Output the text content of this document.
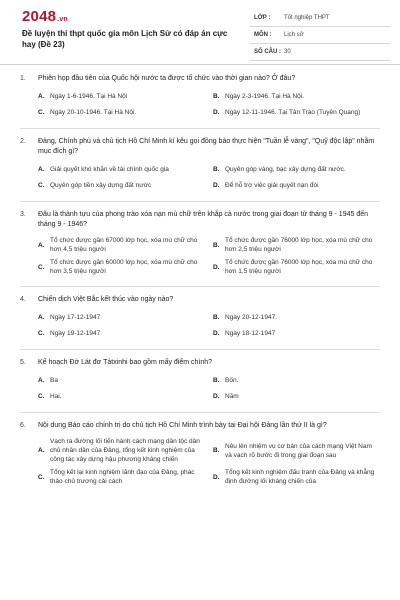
2048.vn
Đề luyện thi thpt quốc gia môn Lịch Sử có đáp án cực hay (Đề 23)
LỚP : Tốt nghiệp THPT
MÔN : Lịch sử
SỐ CÂU : 30
1. Phiên họp đầu tiên của Quốc hội nước ta được tổ chức vào thời gian nào? Ở đâu?
A. Ngày 1-6-1946. Tại Hà Nội	B. Ngày 2-3-1946. Tại Hà Nội.
C. Ngày 20-10-1946. Tại Hà Nội.	D. Ngày 12-11-1946. Tại Tân Trào (Tuyên Quang)
2. Đảng, Chính phủ và chủ tịch Hồ Chí Minh kí kêu gọi đồng bào thực hiện "Tuần lễ vàng", "Quỹ độc lập" nhằm mục đích gì?
A. Giải quyết khó khăn về tài chính quốc gia	B. Quyên góp vàng, bạc xây dựng đất nước.
C. Quyên góp tiền xây dựng đất nước	D. Để hỗ trợ việc giải quyết nạn đói
3. Đâu là thành tựu của phong trào xóa nạn mù chữ trên khắp cả nước trong giai đoạn từ tháng 9 - 1945 đến tháng 9 - 1946?
A.
Tổ chức được gần 67000 lớp học, xóa mù chữ cho hơn 4,5 triệu người
B.
Tổ chức được gần 76000 lớp học, xóa mù chữ cho hơn 2,5 triệu người
C.
Tổ chức được gần 60000 lớp học, xóa mù chữ cho hơn 3,5 triệu người
D.
Tổ chức được gần 76000 lớp học, xóa mù chữ cho hơn 1,5 triệu người
4. Chiến dịch Việt Bắc kết thúc vào ngày nào?
A. Ngày 17-12-1947	B. Ngày 20-12-1947.
C. Ngày 19-12-1947	D. Ngày 18-12-1947
5. Kế hoạch Đờ Lát đơ Tátxinhi bao gồm mấy điểm chính?
A. Ba	B. Bốn.
C. Hai.	D. Năm
6. Nội dung Báo cáo chính trị do chủ tịch Hồ Chí Minh trình bày tại Đại hội Đảng lần thứ II là gì?
A.
Vạch ra đường lối tiến hành cách mạng dân tộc dân chủ nhân dân của Đảng, tổng kết kinh nghiệm của công tác xây dựng hậu phương kháng chiến
B.
Nêu lên nhiệm vụ cơ bản của cách mạng Việt Nam và vạch rõ bước đi trong giai đoạn sau
C.
Tổng kết lại kinh nghiệm lãnh đạo của Đảng, phác thảo chủ trương cải cách
D.
Tổng kết kinh nghiệm đấu tranh của Đảng và khẳng định đường lối kháng chiến của
